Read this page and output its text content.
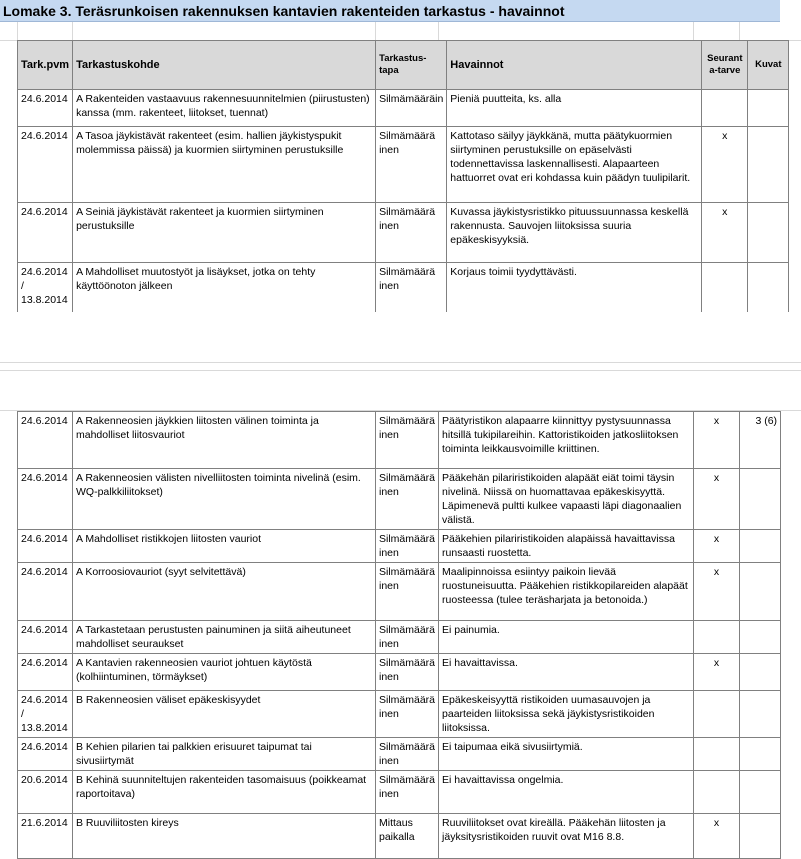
Lomake 3. Teräsrunkoisen rakennuksen kantavien rakenteiden tarkastus - havainnot
Tark.pvm	Tarkastuskohde	Tarkastus-tapa	Havainnot	Seurant a-tarve	Kuvat
24.6.2014	A Rakenteiden vastaavuus rakennesuunnitelmien (piirustusten) kanssa (mm. rakenteet, liitokset, tuennat)	Silmämääräin	Pieniä puutteita, ks. alla		
24.6.2014	A Tasoa jäykistävät rakenteet (esim. hallien jäykistyspukit molemmissa päissä) ja kuormien siirtyminen perustuksille	Silmämäärä inen	Kattotaso säilyy jäykkänä, mutta päätykuormien siirtyminen perustuksille on epäselvästi todennettavissa laskennallisesti. Alapaarteen hattuorret ovat eri kohdassa kuin päädyn tuulipilarit.	x	
24.6.2014	A Seiniä jäykistävät rakenteet ja kuormien siirtyminen perustuksille	Silmämäärä inen	Kuvassa jäykistysristikko pituussuunnassa keskellä rakennusta. Sauvojen liitoksissa suuria epäkeskisyyksiä.	x	
24.6.2014 / 13.8.2014	A Mahdolliset muutostyöt ja lisäykset, jotka on tehty käyttöönoton jälkeen	Silmämäärä inen	Korjaus toimii tyydyttävästi.		
24.6.2014	A Rakenneosien jäykkien liitosten välinen toiminta ja mahdolliset liitosvauriot	Silmämäärä inen	Päätyristikon alapaarre kiinnittyy pystysuunnassa hitsillä tukipilareihin. Kattoristikoiden jatkosliitoksen toiminta leikkausvoimille kriittinen.	x	3 (6)
24.6.2014	A Rakenneosien välisten nivelliitosten toiminta nivelinä (esim. WQ-palkkiliitokset)	Silmämäärä inen	Pääkehän pilariristikoiden alapäät eiät toimi täysin nivelinä. Niissä on huomattavaa epäkeskisyyttä. Läpimenevä pultti kulkee vapaasti läpi diagonaalien välistä.	x	
24.6.2014	A Mahdolliset ristikkojen liitosten vauriot	Silmämäärä inen	Pääkehien pilariristikoiden alapäissä havaittavissa runsaasti ruostetta.	x	
24.6.2014	A Korroosiovauriot (syyt selvitettävä)	Silmämäärä inen	Maalipinnoissa esiintyy paikoin lievää ruostuneisuutta. Pääkehien ristikkopilareiden alapäät ruosteessa (tulee teräsharjata ja betonoida.)	x	
24.6.2014	A Tarkastetaan perustusten painuminen ja siitä aiheutuneet mahdolliset seuraukset	Silmämäärä inen	Ei painumia.		
24.6.2014	A Kantavien rakenneosien vauriot johtuen käytöstä (kolhiintuminen, törmäykset)	Silmämäärä inen	Ei havaittavissa.	x	
24.6.2014 / 13.8.2014	B Rakenneosien väliset epäkeskisyydet	Silmämäärä inen	Epäkeskeisyyttä ristikoiden uumasauvojen ja paarteiden liitoksissa sekä jäykistysristikoiden liitoksissa.		
24.6.2014	B Kehien pilarien tai palkkien erisuuret taipumat tai sivusiirtymät	Silmämäärä inen	Ei taipumaa eikä sivusiirtymiä.		
20.6.2014	B Kehinä suunniteltujen rakenteiden tasomaisuus (poikkeamat raportoitava)	Silmämäärä inen	Ei havaittavissa ongelmia.		
21.6.2014	B Ruuviliitosten kireys	Mittaus paikalla	Ruuviliitokset ovat kireällä. Pääkehän liitosten ja jäyksitysristikoiden ruuvit ovat M16 8.8.	x	
